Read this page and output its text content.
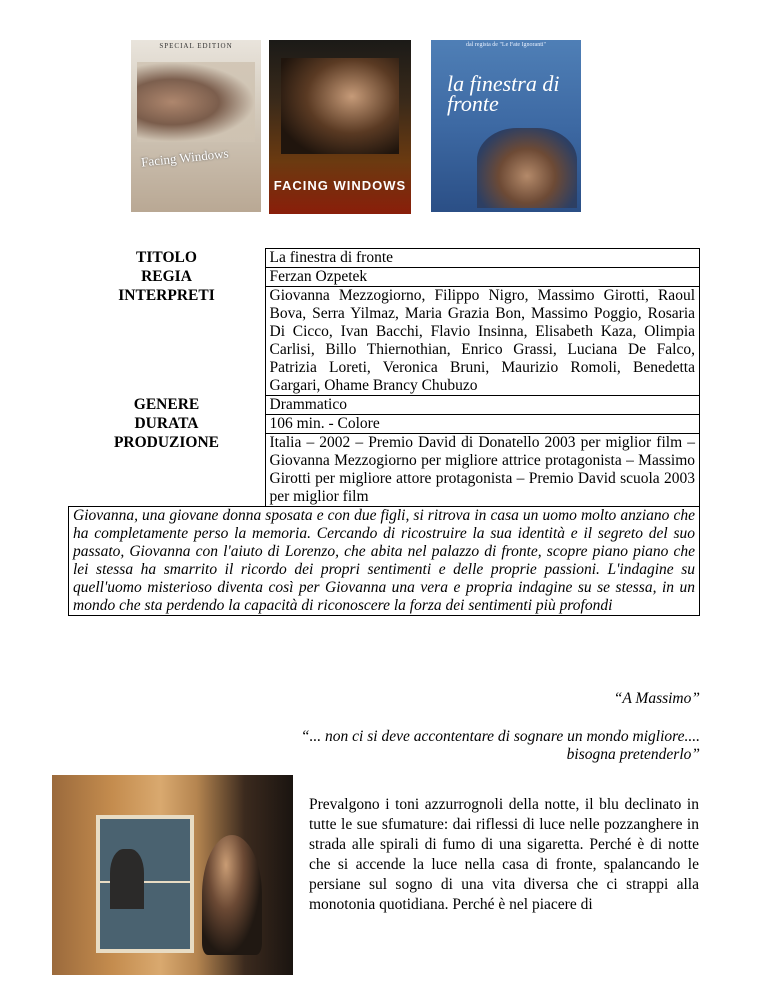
SPECIAL EDITION
Facing Windows
FACING WINDOWS
dal regista de "Le Fate Ignoranti"
la finestra di fronte
TITOLO	La finestra di fronte
REGIA	Ferzan Ozpetek
INTERPRETI	Giovanna Mezzogiorno, Filippo Nigro, Massimo Girotti, Raoul Bova, Serra Yilmaz, Maria Grazia Bon, Massimo Poggio, Rosaria Di Cicco, Ivan Bacchi, Flavio Insinna, Elisabeth Kaza, Olimpia Carlisi, Billo Thiernothian, Enrico Grassi, Luciana De Falco, Patrizia Loreti, Veronica Bruni, Maurizio Romoli, Benedetta Gargari, Ohame Brancy Chubuzo
GENERE	Drammatico
DURATA	106 min. - Colore
PRODUZIONE	Italia – 2002 – Premio David di Donatello 2003 per miglior film – Giovanna Mezzogiorno per migliore attrice protagonista – Massimo Girotti per migliore attore protagonista – Premio David scuola 2003 per miglior film
Giovanna, una giovane donna sposata e con due figli, si ritrova in casa un uomo molto anziano che ha completamente perso la memoria. Cercando di ricostruire la sua identità e il segreto del suo passato, Giovanna con l'aiuto di Lorenzo, che abita nel palazzo di fronte, scopre piano piano che lei stessa ha smarrito il ricordo dei propri sentimenti e delle proprie passioni. L'indagine su quell'uomo misterioso diventa così per Giovanna una vera e propria indagine su se stessa, in un mondo che sta perdendo la capacità di riconoscere la forza dei sentimenti più profondi	
“A Massimo”
“... non ci si deve accontentare di sognare un mondo migliore....
bisogna pretenderlo”
Prevalgono i toni azzurrognoli della notte, il blu declinato in tutte le sue sfumature: dai riflessi di luce nelle pozzanghere in strada alle spirali di fumo di una sigaretta. Perché è di notte che si accende la luce nella casa di fronte, spalancando le persiane sul sogno di una vita diversa che ci strappi alla monotonia quotidiana. Perché è nel piacere di
